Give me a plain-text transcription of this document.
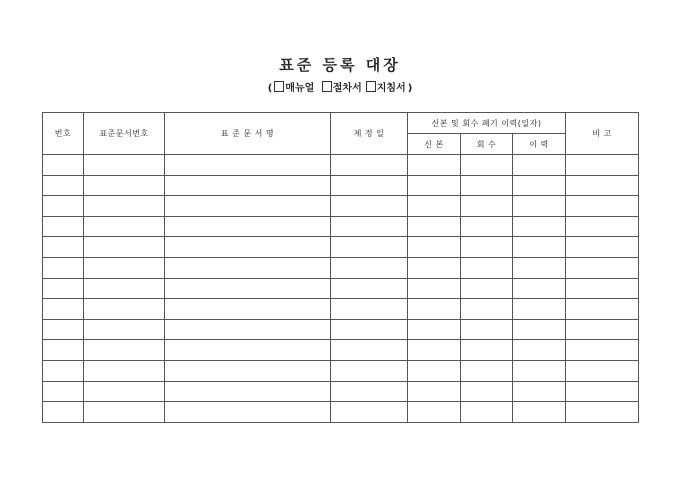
표준 등록 대장
( 매뉴얼 절차서 지침서 )
번호	표준문서번호	표 준 문 서 명	제 정 일	신본 및 회수 폐기 이력(일자)			비 고
				신 본	회 수	이 력	
